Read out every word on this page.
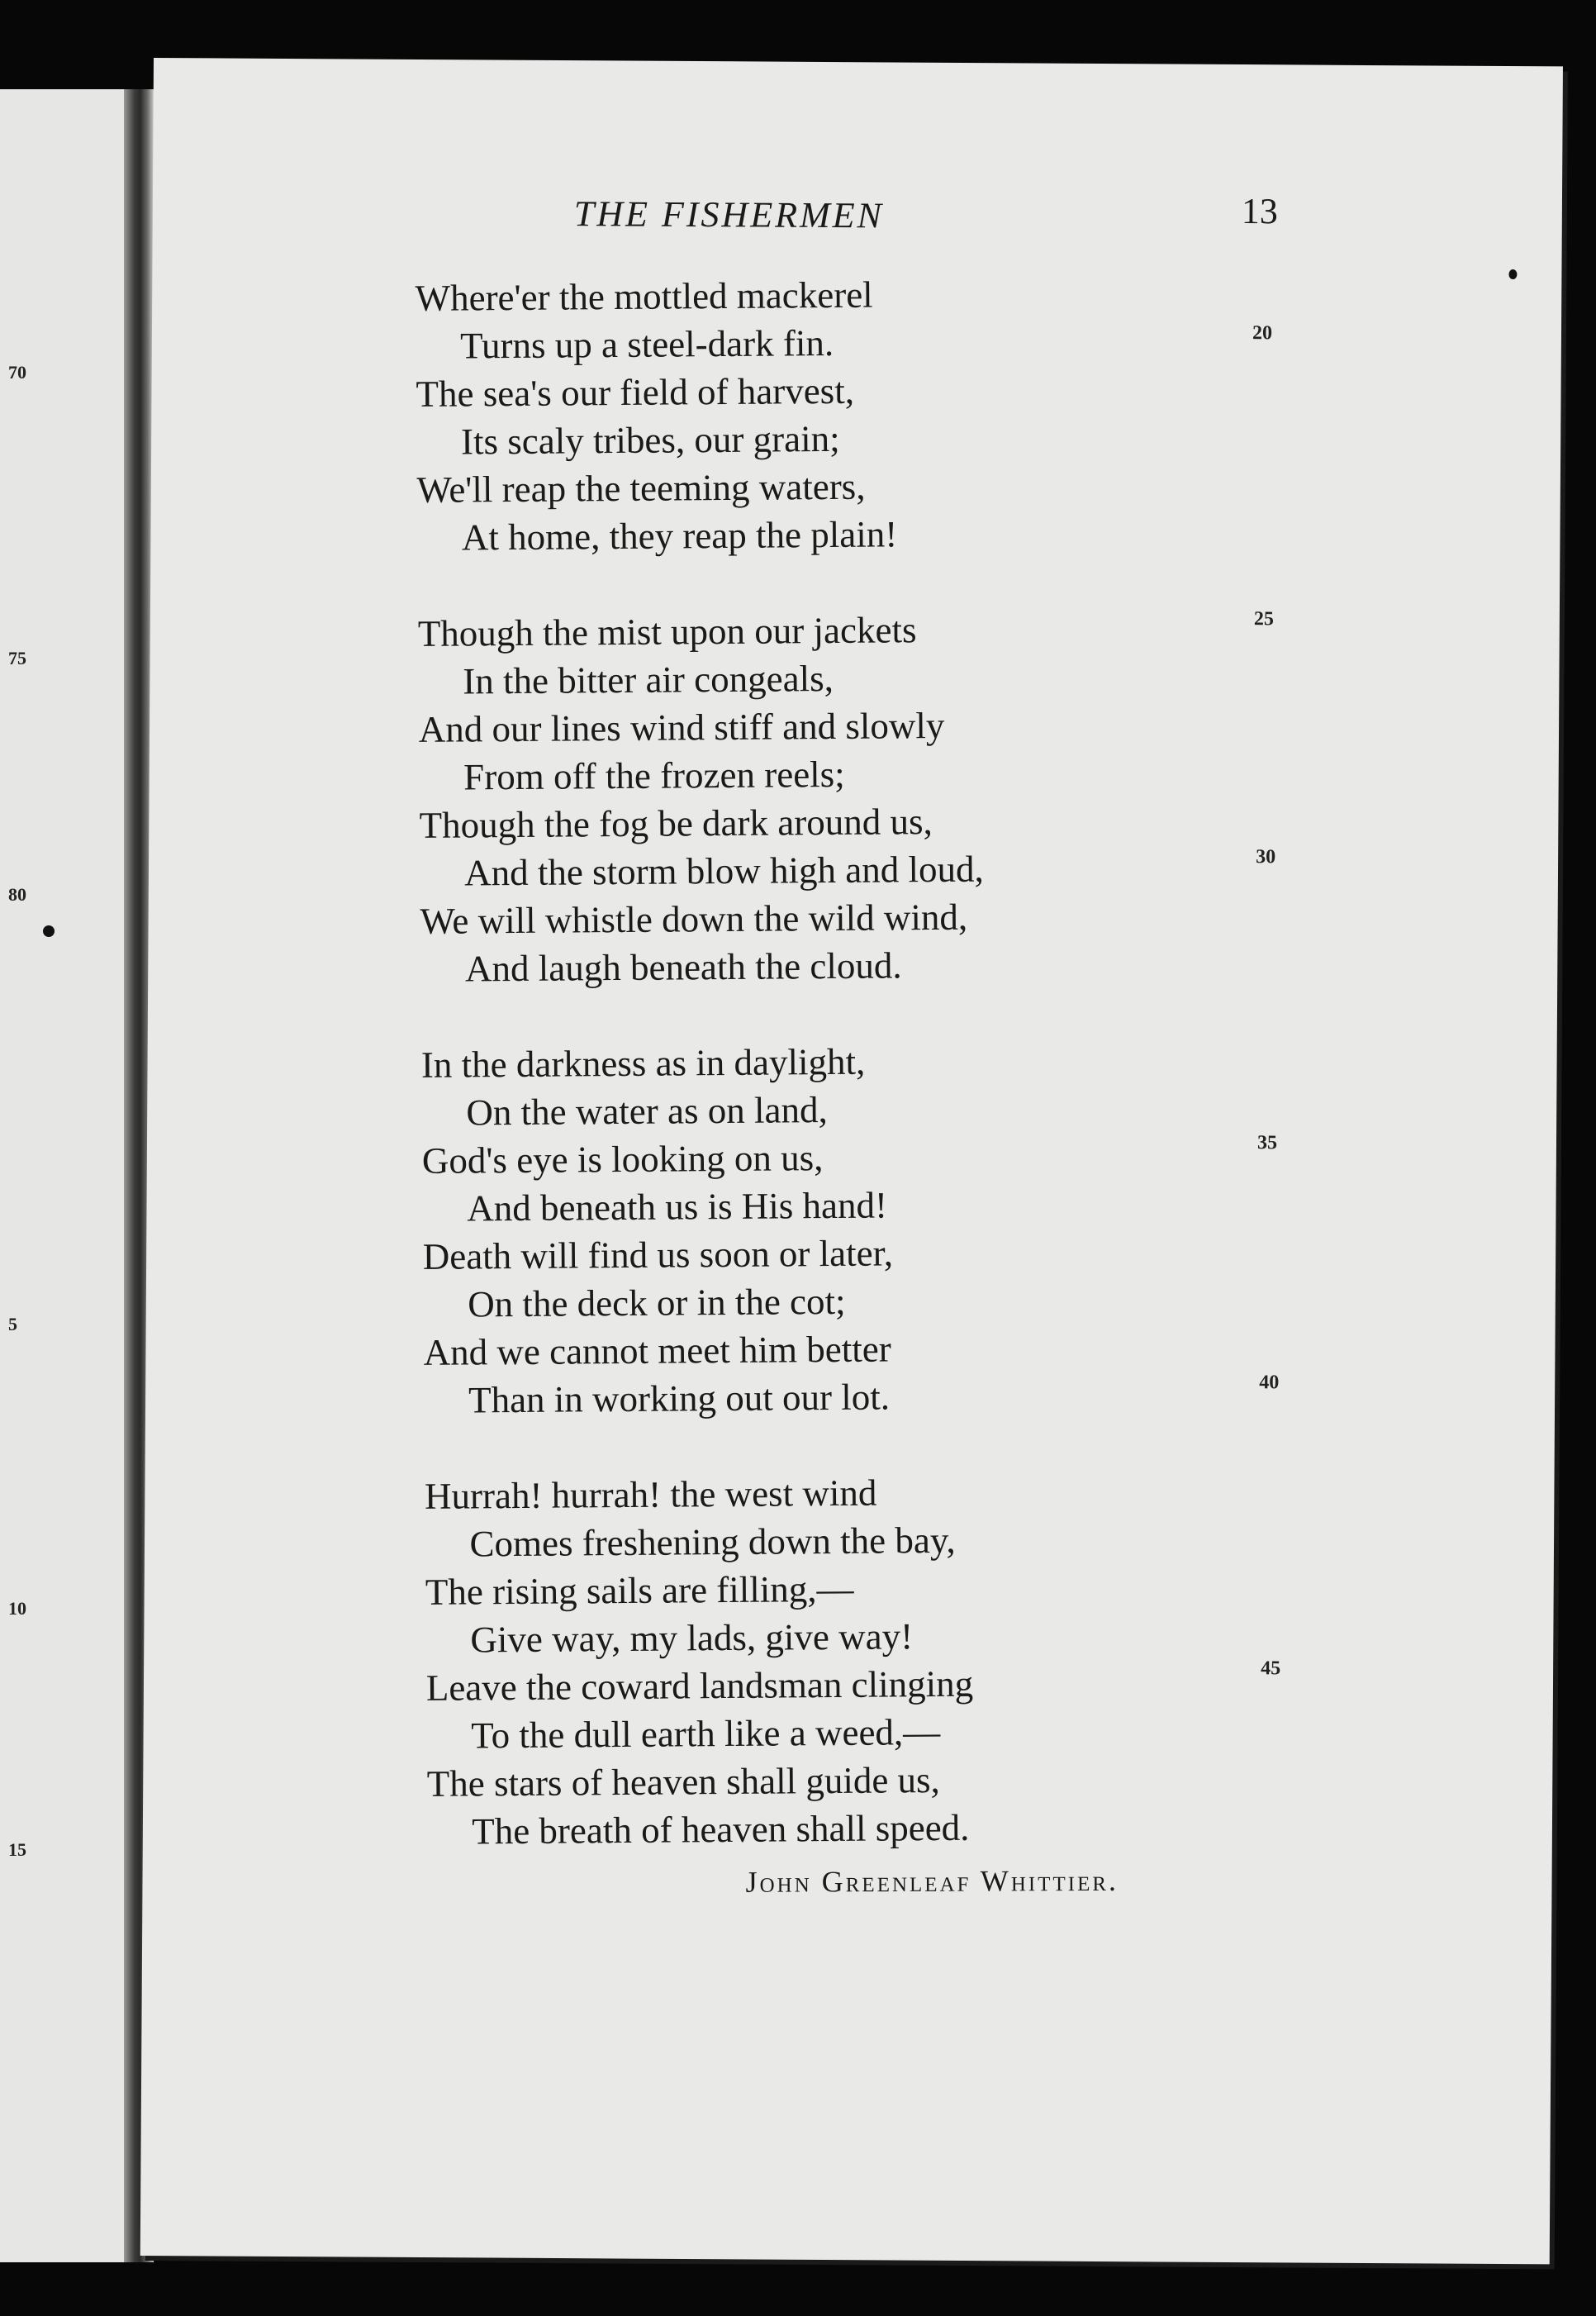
70
75
80
5
10
15
THE FISHERMEN	13
20
25
30
35
40
45
Where'er the mottled mackerel
Turns up a steel-dark fin.
The sea's our field of harvest,
Its scaly tribes, our grain;
We'll reap the teeming waters,
At home, they reap the plain!
Though the mist upon our jackets
In the bitter air congeals,
And our lines wind stiff and slowly
From off the frozen reels;
Though the fog be dark around us,
And the storm blow high and loud,
We will whistle down the wild wind,
And laugh beneath the cloud.
In the darkness as in daylight,
On the water as on land,
God's eye is looking on us,
And beneath us is His hand!
Death will find us soon or later,
On the deck or in the cot;
And we cannot meet him better
Than in working out our lot.
Hurrah! hurrah! the west wind
Comes freshening down the bay,
The rising sails are filling,—
Give way, my lads, give way!
Leave the coward landsman clinging
To the dull earth like a weed,—
The stars of heaven shall guide us,
The breath of heaven shall speed.
John Greenleaf Whittier.
